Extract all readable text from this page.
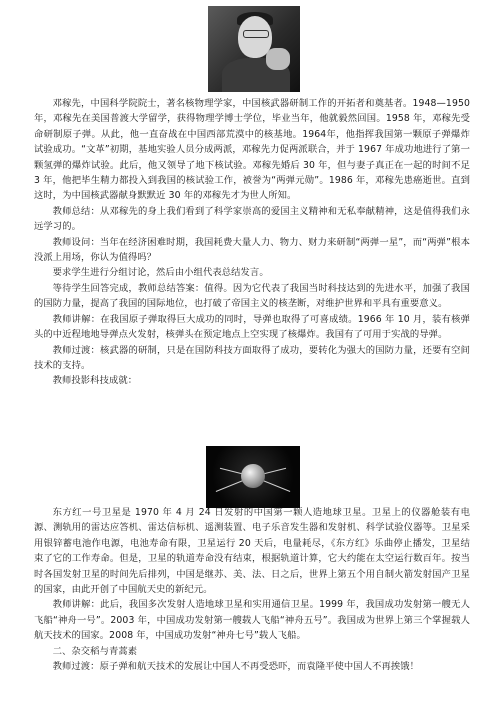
邓稼先，中国科学院院士，著名核物理学家，中国核武器研制工作的开拓者和奠基者。1948—1950 年，邓稼先在美国普渡大学留学，获得物理学博士学位，毕业当年，他就毅然回国。1958 年，邓稼先受命研制原子弹。从此，他一直奋战在中国西部荒漠中的核基地。1964年，他指挥我国第一颗原子弹爆炸试验成功。“文革”初期，基地实验人员分成两派，邓稼先力促两派联合，并于 1967 年成功地进行了第一颗氢弹的爆炸试验。此后，他又领导了地下核试验。邓稼先婚后 30 年，但与妻子真正在一起的时间不足 3 年，他把毕生精力都投入到我国的核试验工作，被誉为“两弹元勋”。1986 年，邓稼先患癌逝世。直到这时，为中国核武器献身默默近 30 年的邓稼先才为世人所知。

教师总结：从邓稼先的身上我们看到了科学家崇高的爱国主义精神和无私奉献精神，这是值得我们永远学习的。

教师设问：当年在经济困难时期，我国耗费大量人力、物力、财力来研制“两弹一星”，而“两弹”根本没派上用场，你认为值得吗？

要求学生进行分组讨论，然后由小组代表总结发言。

等待学生回答完成，教师总结答案：值得。因为它代表了我国当时科技达到的先进水平，加强了我国的国防力量，提高了我国的国际地位，也打破了帝国主义的核垄断，对维护世界和平具有重要意义。

教师讲解：在我国原子弹取得巨大成功的同时，导弹也取得了可喜成绩。1966 年 10 月，装有核弹头的中近程地地导弹点火发射，核弹头在预定地点上空实现了核爆炸。我国有了可用于实战的导弹。

教师过渡：核武器的研制，只是在国防科技方面取得了成功，要转化为强大的国防力量，还要有空间技术的支持。

教师投影科技成就：

东方红一号卫星是 1970 年 4 月 24 日发射的中国第一颗人造地球卫星。卫星上的仪器舱装有电源、测轨用的雷达应答机、雷达信标机、遥测装置、电子乐音发生器和发射机、科学试验仪器等。卫星采用银锌蓄电池作电源，电池寿命有限，卫星运行 20 天后，电量耗尽，《东方红》乐曲停止播发，卫星结束了它的工作寿命。但是，卫星的轨道寿命没有结束，根据轨道计算，它大约能在太空运行数百年。按当时各国发射卫星的时间先后排列，中国是继苏、美、法、日之后，世界上第五个用自制火箭发射国产卫星的国家，由此开创了中国航天史的新纪元。

教师讲解：此后，我国多次发射人造地球卫星和实用通信卫星。1999 年，我国成功发射第一艘无人飞船“神舟一号”。2003 年，中国成功发射第一艘载人飞船“神舟五号”。我国成为世界上第三个掌握载人航天技术的国家。2008 年，中国成功发射“神舟七号”载人飞船。

二、杂交稻与青蒿素

教师过渡：原子弹和航天技术的发展让中国人不再受恐吓，而袁隆平使中国人不再挨饿！
